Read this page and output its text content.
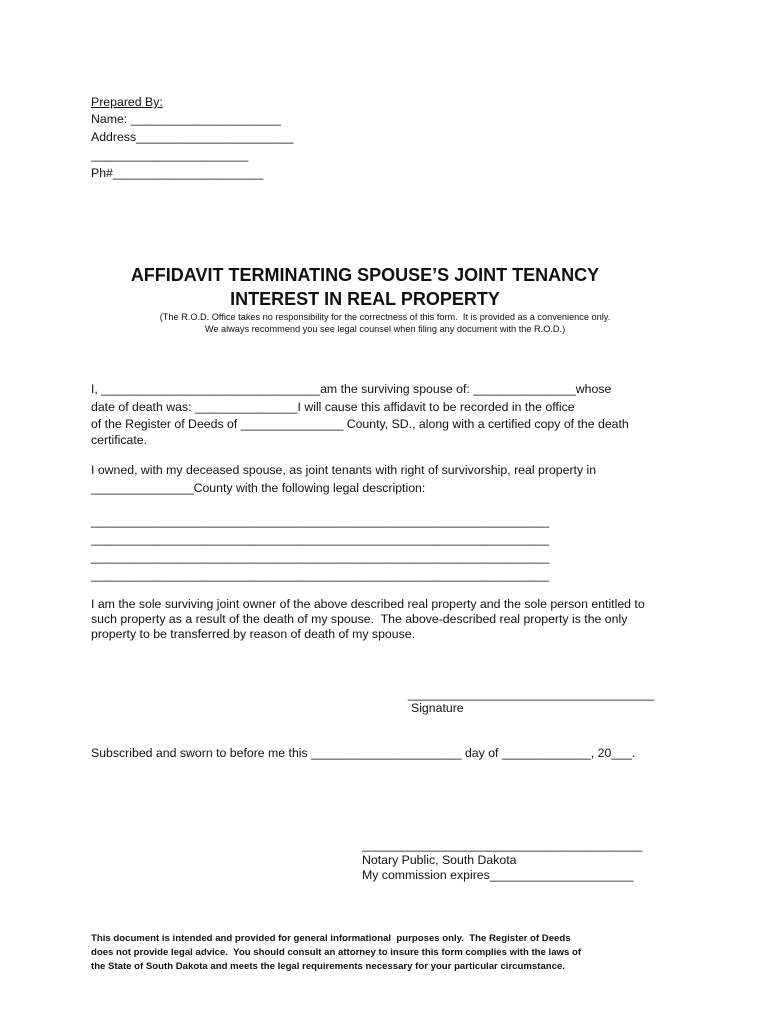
Prepared By:
Name: ______________________
Address_______________________
_______________________
Ph#______________________
AFFIDAVIT TERMINATING SPOUSE’S JOINT TENANCY
INTEREST IN REAL PROPERTY
(The R.O.D. Office takes no responsibility for the correctness of this form.  It is provided as a convenience only.
We always recommend you see legal counsel when filing any document with the R.O.D.)
I, ________________________________am the surviving spouse of: _______________whose
date of death was: _______________I will cause this affidavit to be recorded in the office
of the Register of Deeds of _______________ County, SD., along with a certified copy of the death
certificate.
I owned, with my deceased spouse, as joint tenants with right of survivorship, real property in
_______________County with the following legal description:
___________________________________________________________________
___________________________________________________________________
___________________________________________________________________
___________________________________________________________________
I am the sole surviving joint owner of the above described real property and the sole person entitled to
such property as a result of the death of my spouse.  The above-described real property is the only
property to be transferred by reason of death of my spouse.
____________________________________
Signature
Subscribed and sworn to before me this ______________________ day of _____________, 20___.
_________________________________________
Notary Public, South Dakota
My commission expires_____________________
This document is intended and provided for general informational  purposes only.  The Register of Deeds
does not provide legal advice.  You should consult an attorney to insure this form complies with the laws of
the State of South Dakota and meets the legal requirements necessary for your particular circumstance.
